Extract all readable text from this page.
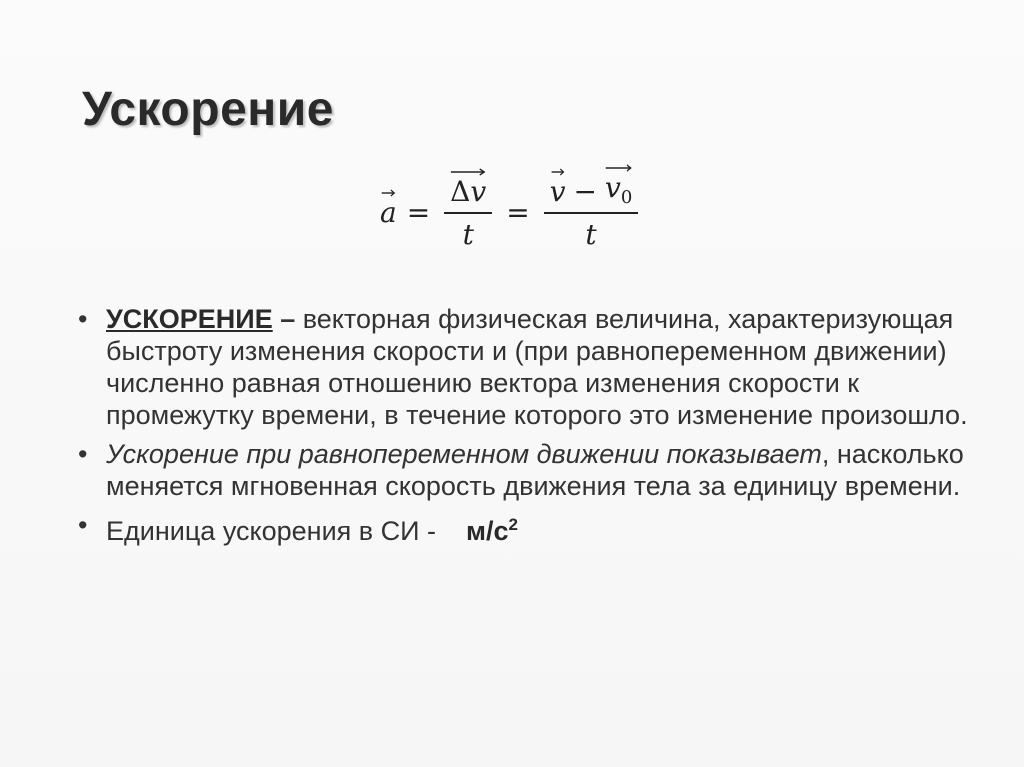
Ускорение
$a = \frac{\Delta v}{t}$ =
$v - v_0$
t
• УСКОРЕНИЕ – векторная физическая величина, характеризующая быстроту изменения скорости и (при равнопеременном движении) численно равная отношению вектора изменения скорости к промежутку времени, в течение которого это изменение произошло.
• Ускорение при равнопеременном движении показывает, насколько меняется мгновенная скорость движения тела за единицу времени.
• Единица ускорения в СИ - $м/с^2$
